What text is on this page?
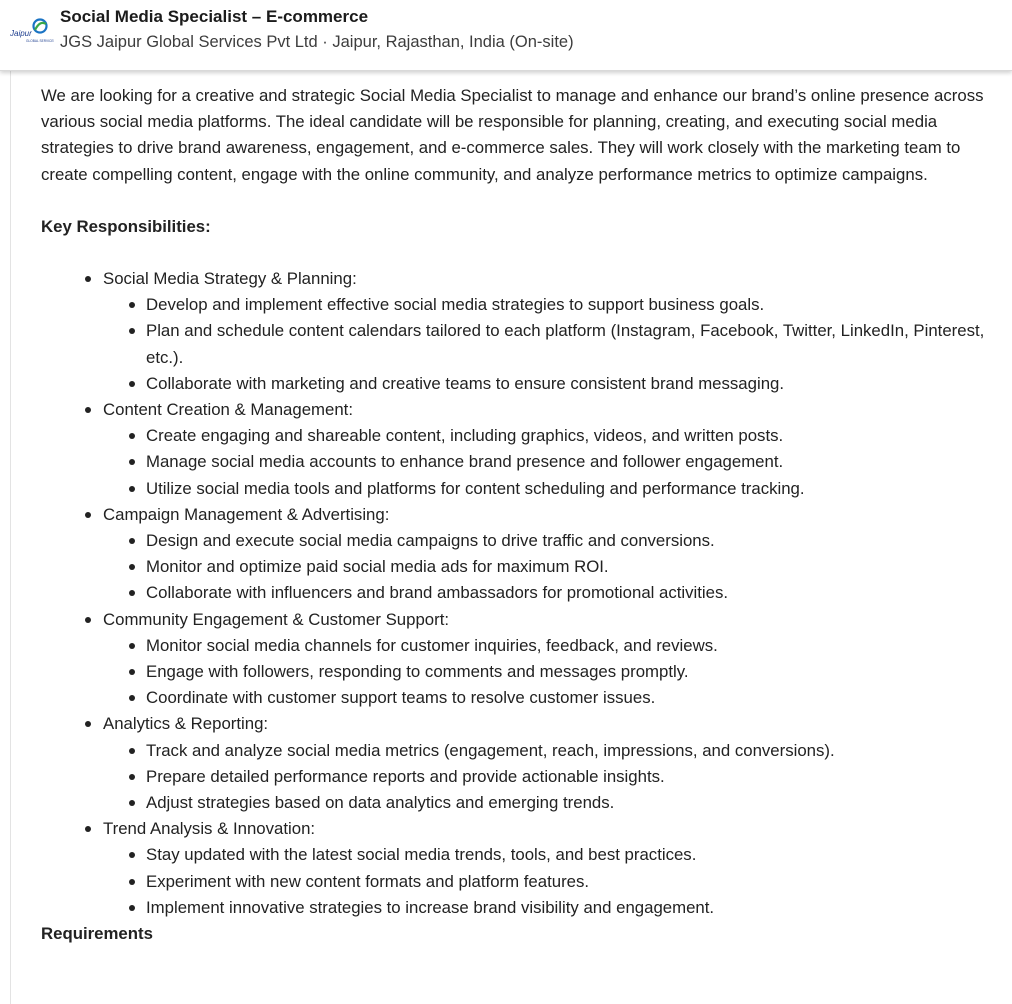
Jaipur
GLOBAL SERVICES
Social Media Specialist – E-commerce
JGS Jaipur Global Services Pvt Ltd · Jaipur, Rajasthan, India (On-site)

We are looking for a creative and strategic Social Media Specialist to manage and enhance our brand’s online presence across various social media platforms. The ideal candidate will be responsible for planning, creating, and executing social media strategies to drive brand awareness, engagement, and e-commerce sales. They will work closely with the marketing team to create compelling content, engage with the online community, and analyze performance metrics to optimize campaigns.

Key Responsibilities:

Social Media Strategy & Planning:
Develop and implement effective social media strategies to support business goals.
Plan and schedule content calendars tailored to each platform (Instagram, Facebook, Twitter, LinkedIn, Pinterest, etc.).
Collaborate with marketing and creative teams to ensure consistent brand messaging.
Content Creation & Management:
Create engaging and shareable content, including graphics, videos, and written posts.
Manage social media accounts to enhance brand presence and follower engagement.
Utilize social media tools and platforms for content scheduling and performance tracking.
Campaign Management & Advertising:
Design and execute social media campaigns to drive traffic and conversions.
Monitor and optimize paid social media ads for maximum ROI.
Collaborate with influencers and brand ambassadors for promotional activities.
Community Engagement & Customer Support:
Monitor social media channels for customer inquiries, feedback, and reviews.
Engage with followers, responding to comments and messages promptly.
Coordinate with customer support teams to resolve customer issues.
Analytics & Reporting:
Track and analyze social media metrics (engagement, reach, impressions, and conversions).
Prepare detailed performance reports and provide actionable insights.
Adjust strategies based on data analytics and emerging trends.
Trend Analysis & Innovation:
Stay updated with the latest social media trends, tools, and best practices.
Experiment with new content formats and platform features.
Implement innovative strategies to increase brand visibility and engagement.

Requirements
